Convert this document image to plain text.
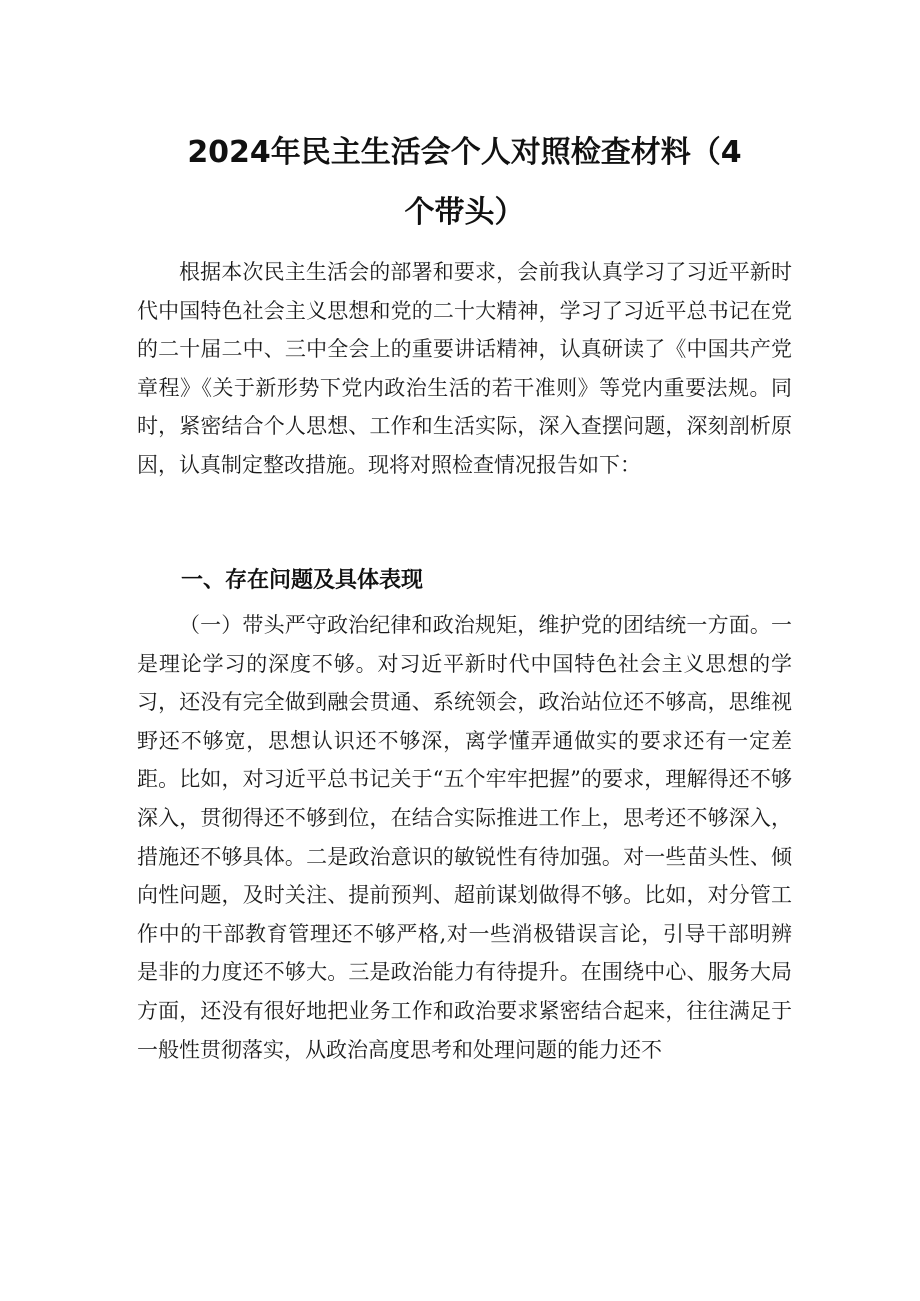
2024年民主生活会个人对照检查材料（4
个带头）

根据本次民主生活会的部署和要求，会前我认真学习了习近平新时代中国特色社会主义思想和党的二十大精神，学习了习近平总书记在党的二十届二中、三中全会上的重要讲话精神，认真研读了《中国共产党章程》《关于新形势下党内政治生活的若干准则》等党内重要法规。同时，紧密结合个人思想、工作和生活实际，深入查摆问题，深刻剖析原因，认真制定整改措施。现将对照检查情况报告如下：

一、存在问题及具体表现

（一）带头严守政治纪律和政治规矩，维护党的团结统一方面。一是理论学习的深度不够。对习近平新时代中国特色社会主义思想的学习，还没有完全做到融会贯通、系统领会，政治站位还不够高，思维视野还不够宽，思想认识还不够深，离学懂弄通做实的要求还有一定差距。比如，对习近平总书记关于“五个牢牢把握”的要求，理解得还不够深入，贯彻得还不够到位，在结合实际推进工作上，思考还不够深入，措施还不够具体。二是政治意识的敏锐性有待加强。对一些苗头性、倾向性问题，及时关注、提前预判、超前谋划做得不够。比如，对分管工作中的干部教育管理还不够严格,对一些消极错误言论，引导干部明辨是非的力度还不够大。三是政治能力有待提升。在围绕中心、服务大局方面，还没有很好地把业务工作和政治要求紧密结合起来，往往满足于一般性贯彻落实，从政治高度思考和处理问题的能力还不
